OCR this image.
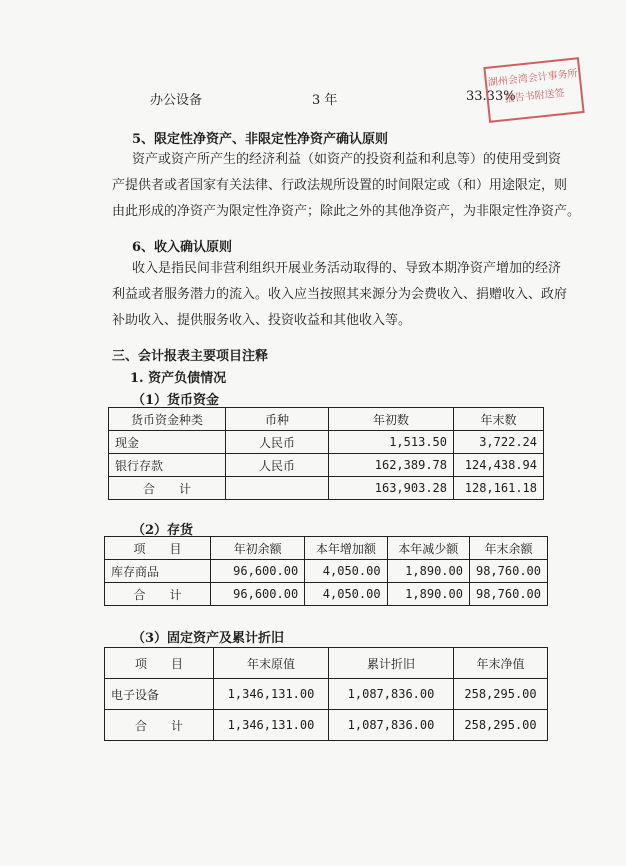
办公设备	3 年	33.33%
湖州会湾会计事务所
报告书附送签
5、限定性净资产、非限定性净资产确认原则
资产或资产所产生的经济利益（如资产的投资利益和利息等）的使用受到资
产提供者或者国家有关法律、行政法规所设置的时间限定或（和）用途限定，则
由此形成的净资产为限定性净资产；除此之外的其他净资产，为非限定性净资产。
6、收入确认原则
收入是指民间非营利组织开展业务活动取得的、导致本期净资产增加的经济
利益或者服务潜力的流入。收入应当按照其来源分为会费收入、捐赠收入、政府
补助收入、提供服务收入、投资收益和其他收入等。
三、会计报表主要项目注释
1. 资产负债情况
（1）货币资金
货币资金种类	币种	年初数	年末数
现金	人民币	1,513.50	3,722.24
银行存款	人民币	162,389.78	124,438.94
合　　计		163,903.28	128,161.18
（2）存货
项　　目	年初余额	本年增加额	本年减少额	年末余额
库存商品	96,600.00	4,050.00	1,890.00	98,760.00
合　　计	96,600.00	4,050.00	1,890.00	98,760.00
（3）固定资产及累计折旧
项　　目	年末原值	累计折旧	年末净值
电子设备	1,346,131.00	1,087,836.00	258,295.00
合　　计	1,346,131.00	1,087,836.00	258,295.00
